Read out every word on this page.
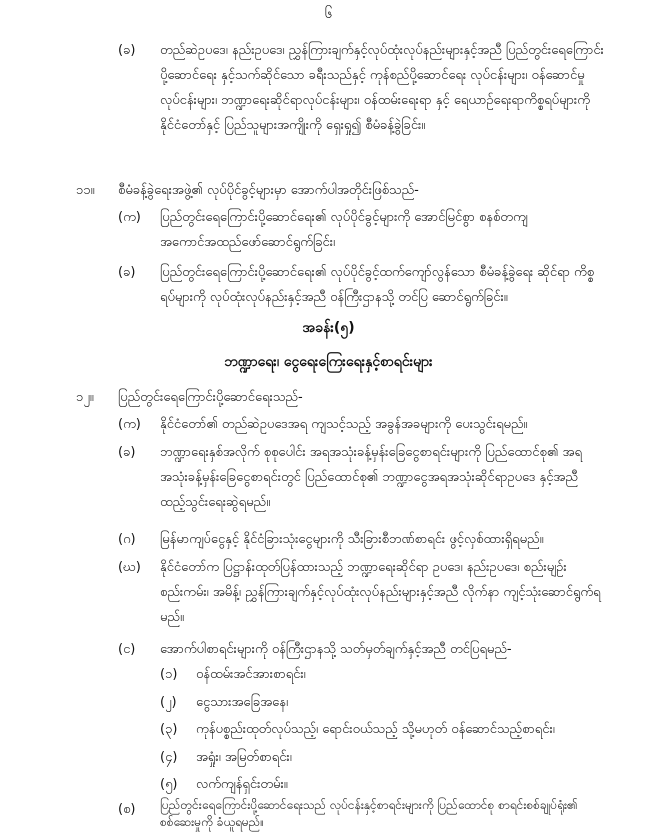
၆
(ခ) တည်ဆဲဥပဒေ၊ နည်းဥပဒေ၊ ညွှန်ကြားချက်နှင့်လုပ်ထုံးလုပ်နည်းများနှင့်အညီ ပြည်တွင်းရေကြောင်းပို့ဆောင်ရေး နှင့်သက်ဆိုင်သော ခရီးသည်နှင့် ကုန်စည်ပို့ဆောင်ရေး လုပ်ငန်းများ၊ ဝန်ဆောင်မှုလုပ်ငန်းများ၊ ဘဏ္ဍာရေးဆိုင်ရာလုပ်ငန်းများ၊ ဝန်ထမ်းရေးရာ နှင့် ရေယာဉ်ရေးရာကိစ္စရပ်များကို နိုင်ငံတော်နှင့် ပြည်သူများအကျိုးကို ရှေးရှု၍ စီမံခန့်ခွဲခြင်း။
၁၁။ စီမံခန့်ခွဲရေးအဖွဲ့၏ လုပ်ပိုင်ခွင့်များမှာ အောက်ပါအတိုင်းဖြစ်သည်-
(က) ပြည်တွင်းရေကြောင်းပို့ဆောင်ရေး၏ လုပ်ပိုင်ခွင့်များကို အောင်မြင်စွာ စနစ်တကျ အကောင်အထည်ဖော်ဆောင်ရွက်ခြင်း၊
(ခ) ပြည်တွင်းရေကြောင်းပို့ဆောင်ရေး၏ လုပ်ပိုင်ခွင့်ထက်ကျော်လွန်သော စီမံခန့်ခွဲရေး ဆိုင်ရာ ကိစ္စရပ်များကို လုပ်ထုံးလုပ်နည်းနှင့်အညီ ဝန်ကြီးဌာနသို့ တင်ပြ ဆောင်ရွက်ခြင်း။
အခန်း(၅)
ဘဏ္ဍာရေး၊ ငွေရေးကြေးရေးနှင့်စာရင်းများ
၁၂။ ပြည်တွင်းရေကြောင်းပို့ဆောင်ရေးသည်-
(က) နိုင်ငံတော်၏ တည်ဆဲဥပဒေအရ ကျသင့်သည့် အခွန်အခများကို ပေးသွင်းရမည်။
(ခ) ဘဏ္ဍာရေးနှစ်အလိုက် စုစုပေါင်း အရအသုံးခန့်မှန်းခြေငွေစာရင်းများကို ပြည်ထောင်စု၏ အရအသုံးခန့်မှန်းခြေငွေစာရင်းတွင် ပြည်ထောင်စု၏ ဘဏ္ဍာငွေအရအသုံးဆိုင်ရာဥပဒေ နှင့်အညီ ထည့်သွင်းရေးဆွဲရမည်။
(ဂ) မြန်မာကျပ်ငွေနှင့် နိုင်ငံခြားသုံးငွေများကို သီးခြားစီဘဏ်စာရင်း ဖွင့်လှစ်ထားရှိရမည်။
(ဃ) နိုင်ငံတော်က ပြဋ္ဌာန်းထုတ်ပြန်ထားသည့် ဘဏ္ဍာရေးဆိုင်ရာ ဥပဒေ၊ နည်းဥပဒေ၊ စည်းမျဉ်းစည်းကမ်း၊ အမိန့်၊ ညွှန်ကြားချက်နှင့်လုပ်ထုံးလုပ်နည်းများနှင့်အညီ လိုက်နာ ကျင့်သုံးဆောင်ရွက်ရမည်။
(င) အောက်ပါစာရင်းများကို ဝန်ကြီးဌာနသို့ သတ်မှတ်ချက်နှင့်အညီ တင်ပြရမည်-
(၁) ဝန်ထမ်းအင်အားစာရင်း၊
(၂) ငွေသားအခြေအနေ၊
(၃) ကုန်ပစ္စည်းထုတ်လုပ်သည့်၊ ရောင်းဝယ်သည့် သို့မဟုတ် ဝန်ဆောင်သည့်စာရင်း၊
(၄) အရှုံး၊ အမြတ်စာရင်း၊
(၅) လက်ကျန်ရှင်းတမ်း။
(စ) ပြည်တွင်းရေကြောင်းပို့ဆောင်ရေးသည် လုပ်ငန်းနှင့်စာရင်းများကို ပြည်ထောင်စု စာရင်းစစ်ချုပ်ရုံး၏ စစ်ဆေးမှုကို ခံယူရမည်။
